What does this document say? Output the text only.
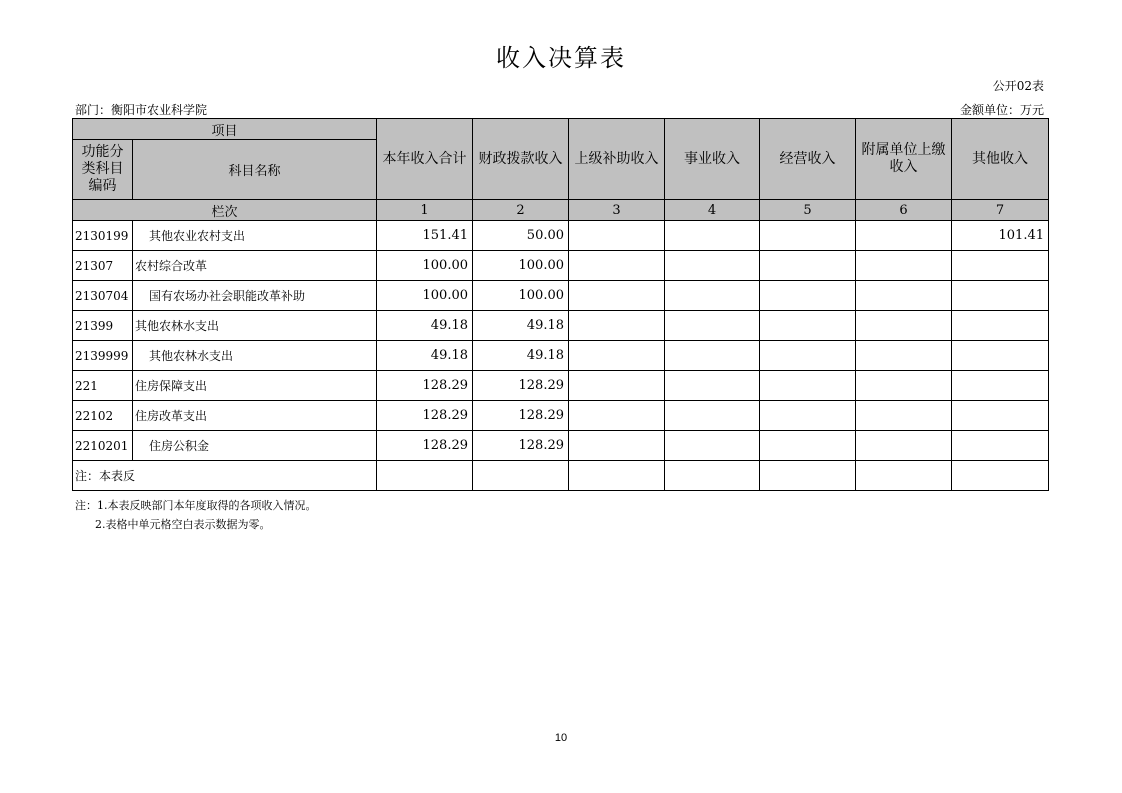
收入决算表
公开02表
部门：衡阳市农业科学院	金额单位：万元
项目		本年收入合计	财政拨款收入	上级补助收入	事业收入	经营收入	附属单位上缴收入	其他收入
功能分类科目编码	科目名称							
栏次		1	2	3	4	5	6	7
2130199	其他农业农村支出	151.41	50.00					101.41
21307	农村综合改革	100.00	100.00					
2130704	国有农场办社会职能改革补助	100.00	100.00					
21399	其他农林水支出	49.18	49.18					
2139999	其他农林水支出	49.18	49.18					
221	住房保障支出	128.29	128.29					
22102	住房改革支出	128.29	128.29					
2210201	住房公积金	128.29	128.29					
注：本表反								
注：1.本表反映部门本年度取得的各项收入情况。
2.表格中单元格空白表示数据为零。
10
